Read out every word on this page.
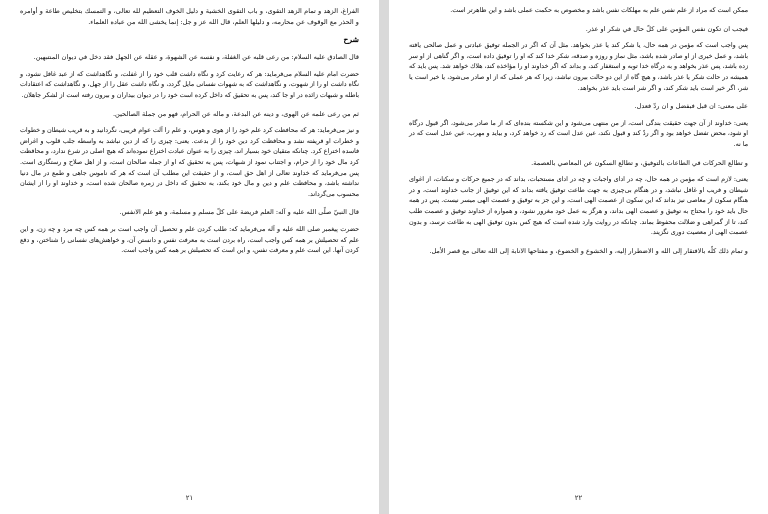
الفراغ، الزهد و تمام الزهد التقوى، و باب التقوى الخشية و دليل الخوف التعظيم لله تعالى، و التمسك بتخليص طاعة و أوامره و الحذر مع الوقوف عن محارمه، و دليلها العلم، قال الله عز و جل: إنما يخشى الله من عباده العلماء.

شرح

قال الصادق عليه السلام: من رعى قلبه عن الغفلة، و نفسه عن الشهوة، و عقله عن الجهل فقد دخل في ديوان المنتبهين.

حضرت امام عليه السلام مى‌فرمايد: هر كه رعايت كرد و نگاه داشت قلب خود را از غفلت، و نگاهداشت كه از عبد غافل نشود، و نگاه داشت او را از شهوت، و نگاهداشت كه به شهوات نفسانى مايل گردد، و نگاه داشت عقل را از جهل، و نگاهداشت كه اعتقادات باطله و شبهات زائده در او جا كند، پس به تحقيق كه داخل كرده است خود را در ديوان بيداران و بيرون رفته است از لشكر جاهلان.

ثم من رعى علمه عن الهوى، و دينه عن البدعة، و ماله عن الحرام، فهو من جملة الصالحين.

و نيز مى‌فرمايد: هر كه محافظت كرد علم خود را از هوى و هوس، و علم را آلت عوام فريبى، نگردانيد و به قريب شيطان و خطوات و خطرات او فريفته نشد و محافظت كرد دين خود را از بدعت. يعنى: چيزى را كه از دين نباشد به واسطه جلب قلوب و اغراض فاسده اختراع كرد. چنانكه متقيان خود بسيار اند، چيزى را به عنوان عبادت اختراع نموده‌اند كه هيچ اصلى در شرع ندارد، و محافظت كرد مال خود را از حرام، و اجتناب نمود از شبهات، پس به تحقيق كه او از جمله صالحان است، و از اهل صلاح و رستگاری است. پس مى‌فرمايد كه خداوند تعالى از اهل حق است، و از حقيقت اين مطلب آن است كه هر كه ناموس جاهى و طمع در مال دنيا نداشته باشد، و محافظت علم و دين و مال خود بكند، به تحقيق كه داخل در زمره صالحان شده است، و خداوند او را از ايشان محسوب مى‌گرداند.

قال النبيّ صلّى الله عليه و آله: العلم فريضة على كلّ مسلم و مسلمة، و هو علم الانفس.

حضرت پيغمبر صلى الله عليه و آله مى‌فرمايد كه: طلب كردن علم و تحصيل آن واجب است بر همه كس چه مرد و چه زن، و اين علم كه تحصيلش بر همه كس واجب است، راه بردن است به معرفت نفس و دانستن آن، و خواهش‌هاى نفسانى را شناختن، و دفع كردن آنها. اين است علم و معرفت نفس، و اين است كه تحصيلش بر همه كس واجب است.

۲۱

ممكن است كه مراد از علم نفس علم به مهلكات نفس باشد و مخصوص به حكمت عملى باشد و اين ظاهرتر است.

فيجب ان تكون نفس المؤمن على كلّ حال في شكر او عذر.

پس واجب است كه مؤمن در همه حال، يا شكر كند يا عذر بخواهد. مثل آن كه اگر در الجمله توفيق عبادتى و عمل صالحى يافته باشد، و عمل خيرى از او صادر شده باشد، مثل نماز و روزه و صدقه، شكر خدا كند كه او را توفيق داده است، و اگر گناهى از او سر زده باشد، پس عذر بخواهد و به درگاه خدا توبه و استغفار كند، و بداند كه اگر خداوند او را مؤاخذه كند، هلاك خواهد شد. پس بايد كه هميشه در حالت شكر يا عذر باشد، و هيچ گاه از اين دو حالت بيرون نباشد، زيرا كه هر عملى كه از او صادر مى‌شود، يا خير است يا شر، اگر خير است بايد شكر كند، و اگر شر است بايد عذر بخواهد.

على معنى: ان قبل فبفضل و ان ردّ فعدل.

يعنى: خداوند از آن جهت حقيقت بندگى است، از من منتهى مى‌شود و اين شكسته بنده‌اى كه از ما صادر مى‌شود، اگر قبول درگاه او شود، محض تفضل خواهد بود و اگر ردّ كند و قبول نكند، عين عدل است كه رد خواهد كرد، و بيايد و مهرب، عين عدل است كه در ما نه.

و تطالع الحركات في الطاعات بالتوفيق، و تطالع السكون عن المعاصي بالعصمة.

يعنى: لازم است كه مؤمن در همه حال، چه در اداى واجبات و چه در اداى مستحبات، بداند كه در جميع حركات و سكنات، از اغواى شيطان و فريب او غافل نباشد، و در هنگام بى‌چيزى به جهت طاعت توفيق يافته بداند كه اين توفيق از جانب خداوند است، و در هنگام سكون از معاصى نيز بداند كه اين سكون از عصمت الهى است، و اين جز به توفيق و عصمت الهى ميسر نيست. پس در همه حال بايد خود را محتاج به توفيق و عصمت الهى بداند، و هرگز به عمل خود مغرور نشود، و همواره از خداوند توفيق و عصمت طلب كند، تا از گمراهى و ضلالت محفوظ بماند. چنانكه در روايت وارد شده است كه هيچ كس بدون توفيق الهى به طاعت نرسد، و بدون عصمت الهى از معصيت دورى نگزيند.

و تمام ذلك كلّه بالافتقار إلى الله و الاضطرار إليه، و الخشوع و الخضوع، و مفتاحها الانابة إلى الله تعالى مع قصر الأمل.

۲۲
